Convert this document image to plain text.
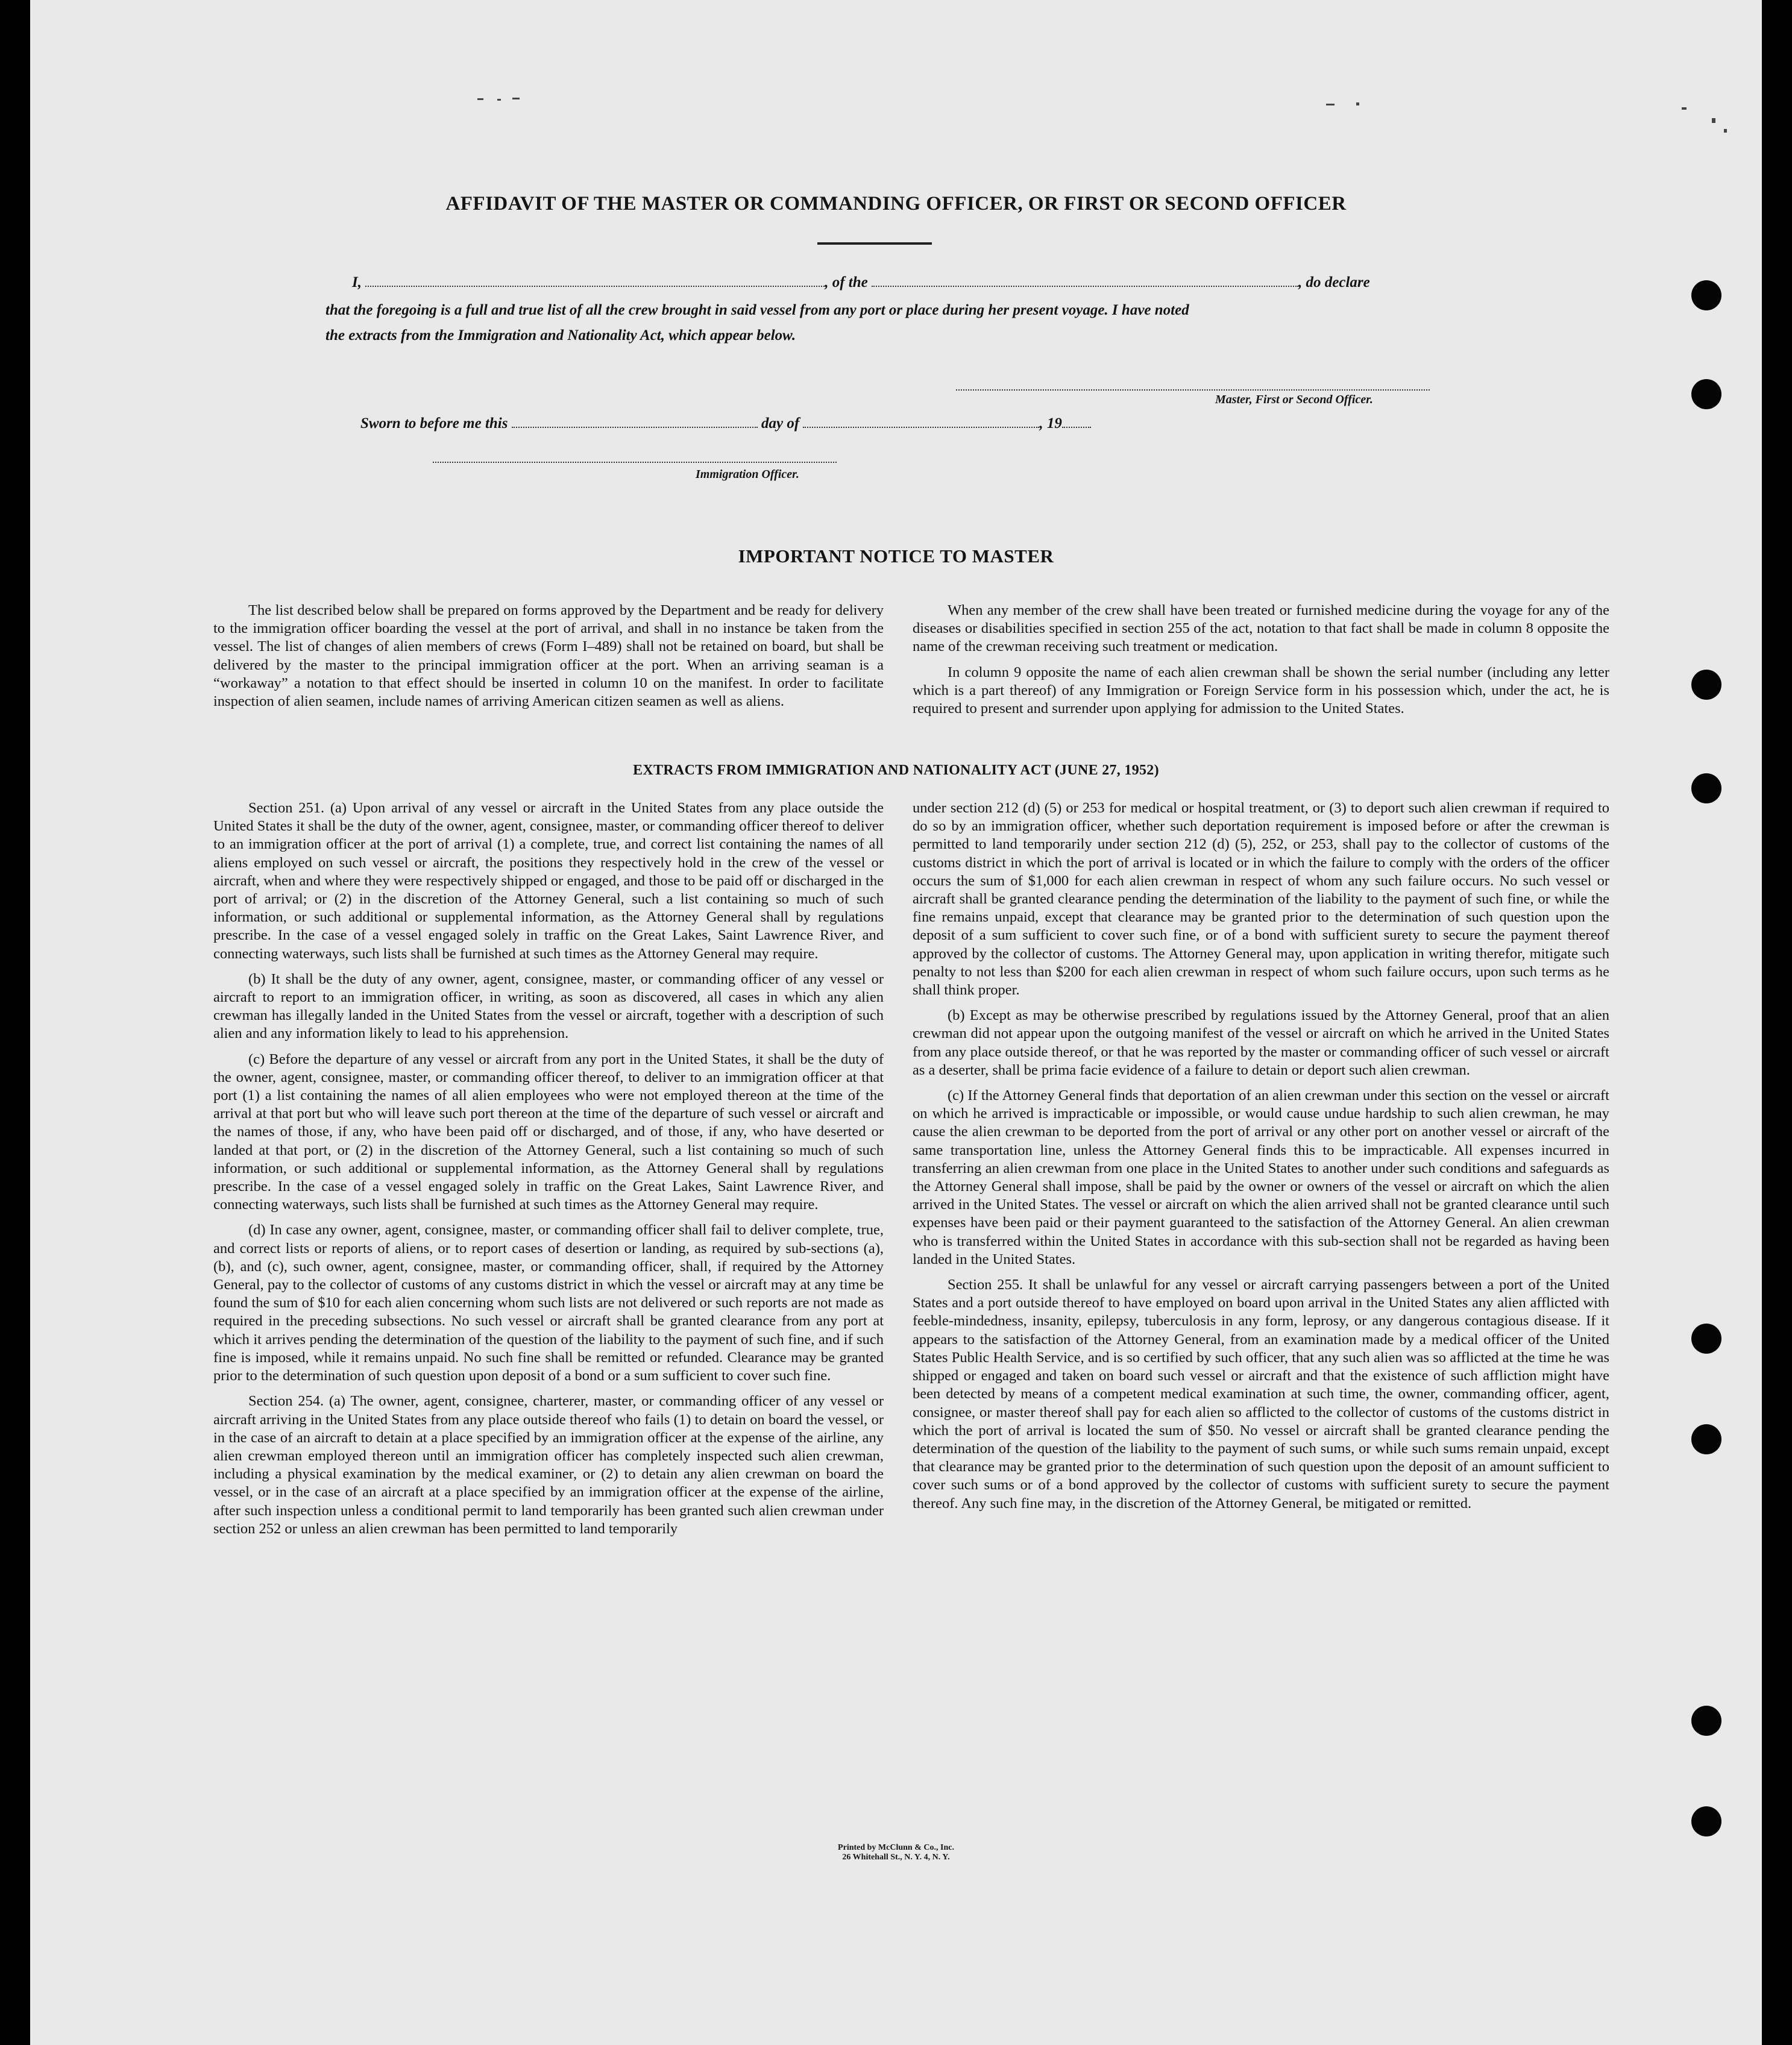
AFFIDAVIT OF THE MASTER OR COMMANDING OFFICER, OR FIRST OR SECOND OFFICER
I,	, of the	, do declare
that the foregoing is a full and true list of all the crew brought in said vessel from any port or place during her present voyage. I have noted
the extracts from the Immigration and Nationality Act, which appear below.
Master, First or Second Officer.
Sworn to before me this	day of	, 19
Immigration Officer.
IMPORTANT NOTICE TO MASTER

The list described below shall be prepared on forms approved by the Department and be ready for delivery to the immigration officer boarding the vessel at the port of arrival, and shall in no instance be taken from the vessel. The list of changes of alien members of crews (Form I–489) shall not be retained on board, but shall be delivered by the master to the principal immigration officer at the port. When an arriving seaman is a “workaway” a notation to that effect should be inserted in column 10 on the manifest. In order to facilitate inspection of alien seamen, include names of arriving American citizen seamen as well as aliens.

When any member of the crew shall have been treated or furnished medicine during the voyage for any of the diseases or disabilities specified in section 255 of the act, notation to that fact shall be made in column 8 opposite the name of the crewman receiving such treatment or medication.

In column 9 opposite the name of each alien crewman shall be shown the serial number (including any letter which is a part thereof) of any Immigration or Foreign Service form in his possession which, under the act, he is required to present and surrender upon applying for admission to the United States.

EXTRACTS FROM IMMIGRATION AND NATIONALITY ACT (JUNE 27, 1952)

Section 251. (a) Upon arrival of any vessel or aircraft in the United States from any place outside the United States it shall be the duty of the owner, agent, consignee, master, or commanding officer thereof to deliver to an immigration officer at the port of arrival (1) a complete, true, and correct list containing the names of all aliens employed on such vessel or aircraft, the positions they respectively hold in the crew of the vessel or aircraft, when and where they were respectively shipped or engaged, and those to be paid off or discharged in the port of arrival; or (2) in the discretion of the Attorney General, such a list containing so much of such information, or such additional or supplemental information, as the Attorney General shall by regulations prescribe. In the case of a vessel engaged solely in traffic on the Great Lakes, Saint Lawrence River, and connecting waterways, such lists shall be furnished at such times as the Attorney General may require.

(b) It shall be the duty of any owner, agent, consignee, master, or commanding officer of any vessel or aircraft to report to an immigration officer, in writing, as soon as discovered, all cases in which any alien crewman has illegally landed in the United States from the vessel or aircraft, together with a description of such alien and any information likely to lead to his apprehension.

(c) Before the departure of any vessel or aircraft from any port in the United States, it shall be the duty of the owner, agent, consignee, master, or commanding officer thereof, to deliver to an immigration officer at that port (1) a list containing the names of all alien employees who were not employed thereon at the time of the arrival at that port but who will leave such port thereon at the time of the departure of such vessel or aircraft and the names of those, if any, who have been paid off or discharged, and of those, if any, who have deserted or landed at that port, or (2) in the discretion of the Attorney General, such a list containing so much of such information, or such additional or supplemental information, as the Attorney General shall by regulations prescribe. In the case of a vessel engaged solely in traffic on the Great Lakes, Saint Lawrence River, and connecting waterways, such lists shall be furnished at such times as the Attorney General may require.

(d) In case any owner, agent, consignee, master, or commanding officer shall fail to deliver complete, true, and correct lists or reports of aliens, or to report cases of desertion or landing, as required by sub-sections (a), (b), and (c), such owner, agent, consignee, master, or commanding officer, shall, if required by the Attorney General, pay to the collector of customs of any customs district in which the vessel or aircraft may at any time be found the sum of $10 for each alien concerning whom such lists are not delivered or such reports are not made as required in the preceding subsections. No such vessel or aircraft shall be granted clearance from any port at which it arrives pending the determination of the question of the liability to the payment of such fine, and if such fine is imposed, while it remains unpaid. No such fine shall be remitted or refunded. Clearance may be granted prior to the determination of such question upon deposit of a bond or a sum sufficient to cover such fine.

Section 254. (a) The owner, agent, consignee, charterer, master, or commanding officer of any vessel or aircraft arriving in the United States from any place outside thereof who fails (1) to detain on board the vessel, or in the case of an aircraft to detain at a place specified by an immigration officer at the expense of the airline, any alien crewman employed thereon until an immigration officer has completely inspected such alien crewman, including a physical examination by the medical examiner, or (2) to detain any alien crewman on board the vessel, or in the case of an aircraft at a place specified by an immigration officer at the expense of the airline, after such inspection unless a conditional permit to land temporarily has been granted such alien crewman under section 252 or unless an alien crewman has been permitted to land temporarily

under section 212 (d) (5) or 253 for medical or hospital treatment, or (3) to deport such alien crewman if required to do so by an immigration officer, whether such deportation requirement is imposed before or after the crewman is permitted to land temporarily under section 212 (d) (5), 252, or 253, shall pay to the collector of customs of the customs district in which the port of arrival is located or in which the failure to comply with the orders of the officer occurs the sum of $1,000 for each alien crewman in respect of whom any such failure occurs. No such vessel or aircraft shall be granted clearance pending the determination of the liability to the payment of such fine, or while the fine remains unpaid, except that clearance may be granted prior to the determination of such question upon the deposit of a sum sufficient to cover such fine, or of a bond with sufficient surety to secure the payment thereof approved by the collector of customs. The Attorney General may, upon application in writing therefor, mitigate such penalty to not less than $200 for each alien crewman in respect of whom such failure occurs, upon such terms as he shall think proper.

(b) Except as may be otherwise prescribed by regulations issued by the Attorney General, proof that an alien crewman did not appear upon the outgoing manifest of the vessel or aircraft on which he arrived in the United States from any place outside thereof, or that he was reported by the master or commanding officer of such vessel or aircraft as a deserter, shall be prima facie evidence of a failure to detain or deport such alien crewman.

(c) If the Attorney General finds that deportation of an alien crewman under this section on the vessel or aircraft on which he arrived is impracticable or impossible, or would cause undue hardship to such alien crewman, he may cause the alien crewman to be deported from the port of arrival or any other port on another vessel or aircraft of the same transportation line, unless the Attorney General finds this to be impracticable. All expenses incurred in transferring an alien crewman from one place in the United States to another under such conditions and safeguards as the Attorney General shall impose, shall be paid by the owner or owners of the vessel or aircraft on which the alien arrived in the United States. The vessel or aircraft on which the alien arrived shall not be granted clearance until such expenses have been paid or their payment guaranteed to the satisfaction of the Attorney General. An alien crewman who is transferred within the United States in accordance with this sub-section shall not be regarded as having been landed in the United States.

Section 255. It shall be unlawful for any vessel or aircraft carrying passengers between a port of the United States and a port outside thereof to have employed on board upon arrival in the United States any alien afflicted with feeble-mindedness, insanity, epilepsy, tuberculosis in any form, leprosy, or any dangerous contagious disease. If it appears to the satisfaction of the Attorney General, from an examination made by a medical officer of the United States Public Health Service, and is so certified by such officer, that any such alien was so afflicted at the time he was shipped or engaged and taken on board such vessel or aircraft and that the existence of such affliction might have been detected by means of a competent medical examination at such time, the owner, commanding officer, agent, consignee, or master thereof shall pay for each alien so afflicted to the collector of customs of the customs district in which the port of arrival is located the sum of $50. No vessel or aircraft shall be granted clearance pending the determination of the question of the liability to the payment of such sums, or while such sums remain unpaid, except that clearance may be granted prior to the determination of such question upon the deposit of an amount sufficient to cover such sums or of a bond approved by the collector of customs with sufficient surety to secure the payment thereof. Any such fine may, in the discretion of the Attorney General, be mitigated or remitted.

Printed by McClunn & Co., Inc.
26 Whitehall St., N. Y. 4, N. Y.
